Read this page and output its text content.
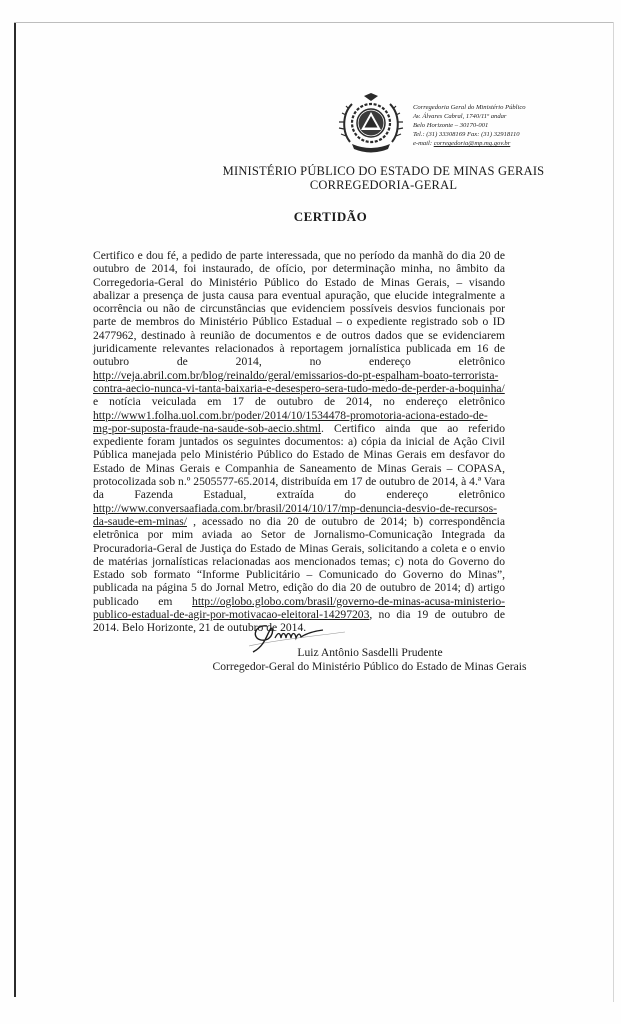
Corregedoria Geral do Ministério Público
Av. Álvares Cabral, 1740/11º andar
Belo Horizonte – 30170-001
Tel.: (31) 33308169 Fax: (31) 32918110
e-mail: corregedoria@mp.mg.gov.br
MINISTÉRIO PÚBLICO DO ESTADO DE MINAS GERAIS
CORREGEDORIA-GERAL
CERTIDÃO
Certifico e dou fé, a pedido de parte interessada, que no período da manhã do dia 20 de outubro de 2014, foi instaurado, de ofício, por determinação minha, no âmbito da Corregedoria-Geral do Ministério Público do Estado de Minas Gerais, – visando abalizar a presença de justa causa para eventual apuração, que elucide integralmente a ocorrência ou não de circunstâncias que evidenciem possíveis desvios funcionais por parte de membros do Ministério Público Estadual – o expediente registrado sob o ID 2477962, destinado à reunião de documentos e de outros dados que se evidenciarem juridicamente relevantes relacionados à reportagem jornalística publicada em 16 de outubro de 2014, no endereço eletrônico http://veja.abril.com.br/blog/reinaldo/geral/emissarios-do-pt-espalham-boato-terrorista-contra-aecio-nunca-vi-tanta-baixaria-e-desespero-sera-tudo-medo-de-perder-a-boquinha/ e notícia veiculada em 17 de outubro de 2014, no endereço eletrônico http://www1.folha.uol.com.br/poder/2014/10/1534478-promotoria-aciona-estado-de-mg-por-suposta-fraude-na-saude-sob-aecio.shtml. Certifico ainda que ao referido expediente foram juntados os seguintes documentos: a) cópia da inicial de Ação Civil Pública manejada pelo Ministério Público do Estado de Minas Gerais em desfavor do Estado de Minas Gerais e Companhia de Saneamento de Minas Gerais – COPASA, protocolizada sob n.º 2505577-65.2014, distribuída em 17 de outubro de 2014, à 4.ª Vara da Fazenda Estadual, extraída do endereço eletrônico http://www.conversaafiada.com.br/brasil/2014/10/17/mp-denuncia-desvio-de-recursos-da-saude-em-minas/ , acessado no dia 20 de outubro de 2014; b) correspondência eletrônica por mim aviada ao Setor de Jornalismo-Comunicação Integrada da Procuradoria-Geral de Justiça do Estado de Minas Gerais, solicitando a coleta e o envio de matérias jornalísticas relacionadas aos mencionados temas; c) nota do Governo do Estado sob formato “Informe Publicitário – Comunicado do Governo do Minas”, publicada na página 5 do Jornal Metro, edição do dia 20 de outubro de 2014; d) artigo publicado em http://oglobo.globo.com/brasil/governo-de-minas-acusa-ministerio-publico-estadual-de-agir-por-motivacao-eleitoral-14297203, no dia 19 de outubro de 2014. Belo Horizonte, 21 de outubro de 2014.
Luiz Antônio Sasdelli Prudente
Corregedor-Geral do Ministério Público do Estado de Minas Gerais
